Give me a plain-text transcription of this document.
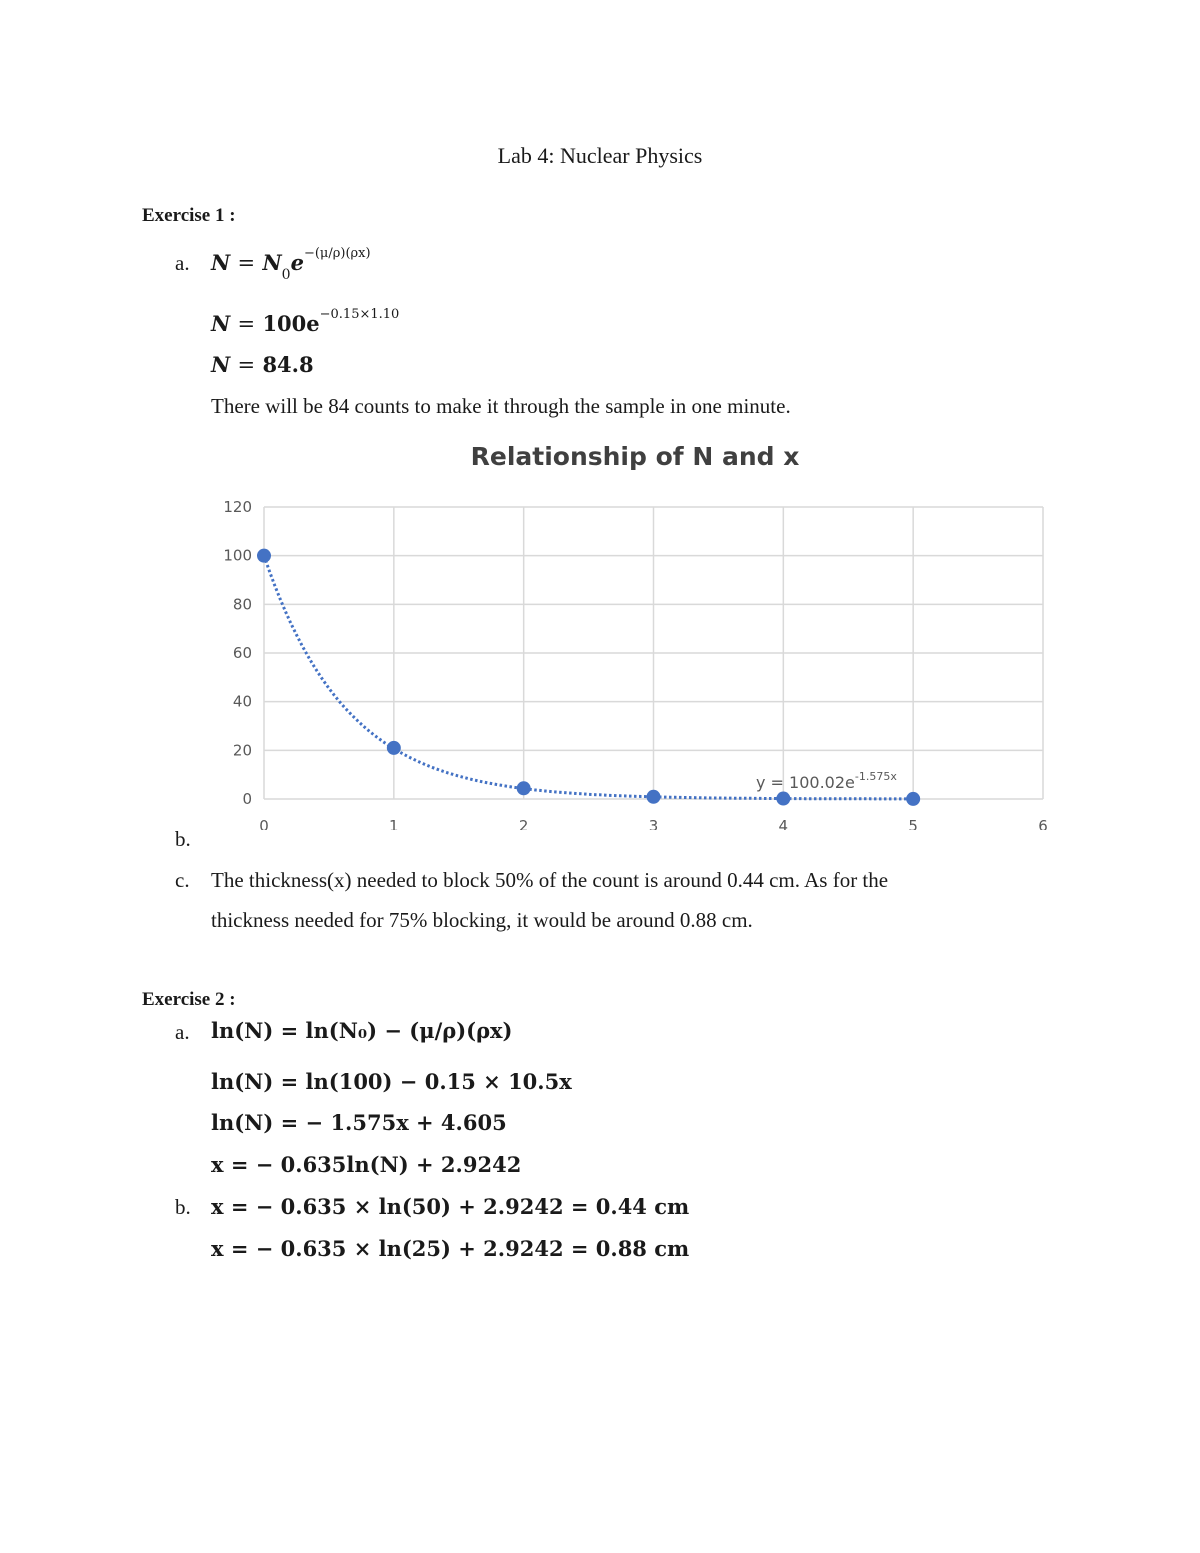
Lab 4: Nuclear Physics
Exercise 1 :
a. $N = N_0e^{-(\mu/\rho)(\rho x)}$
$N = 100e^{-0.15\times 1.10}$
N = 84.8
There will be 84 counts to make it through the sample in one minute.
Relationship of N and x
0
20
40
60
80
100
120
0	1	2	3	4	5	6
$y = 100.02e^{-1.575x}$
b.
c. The thickness(x) needed to block 50% of the count is around 0.44 cm. As for the
thickness needed for 75% blocking, it would be around 0.88 cm.
Exercise 2 :
a. ln(N) = ln(N₀) − (μ/ρ)(ρx)
ln(N) = ln(100) − 0.15 × 10.5x
ln(N) = − 1.575x + 4.605
x = − 0.635ln(N) + 2.9242
b. x = − 0.635 × ln(50) + 2.9242 = 0.44 cm
x = − 0.635 × ln(25) + 2.9242 = 0.88 cm
